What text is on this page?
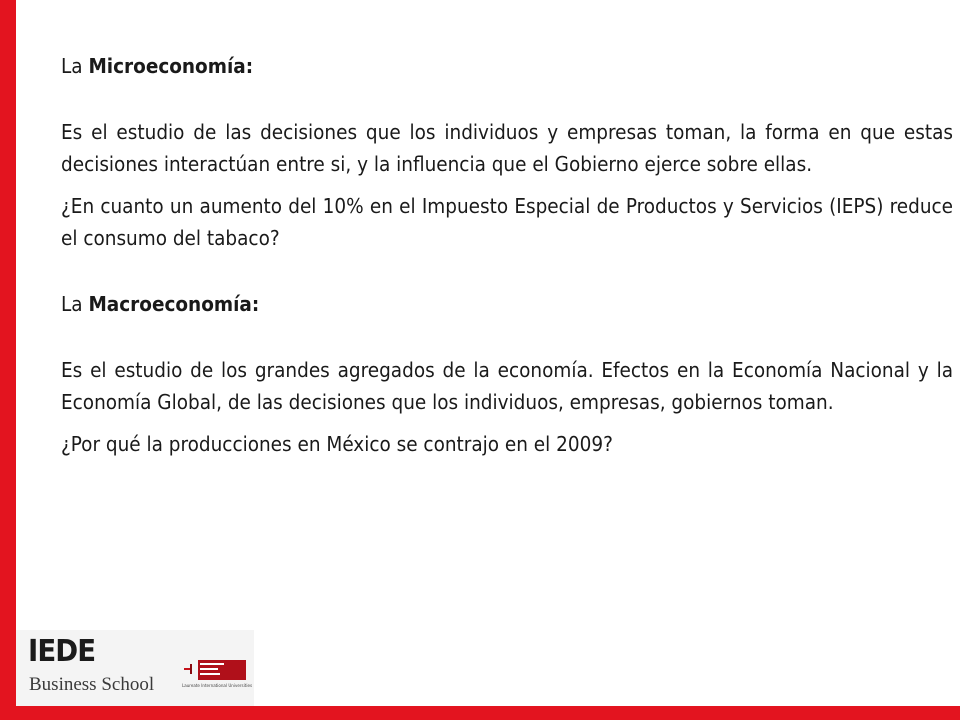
La Microeconomía:

Es el estudio de las decisiones que los individuos y empresas toman, la forma en que estas decisiones interactúan entre si, y la influencia que el Gobierno ejerce sobre ellas.

¿En cuanto un aumento del 10% en el Impuesto Especial de Productos y Servicios (IEPS) reduce el consumo del tabaco?

La Macroeconomía:

Es el estudio de los grandes agregados de la economía. Efectos en la Economía Nacional y la Economía Global, de las decisiones que los individuos, empresas, gobiernos toman.

¿Por qué la producciones en México se contrajo en el 2009?

IEDE
Business School	Laureate International Universities
